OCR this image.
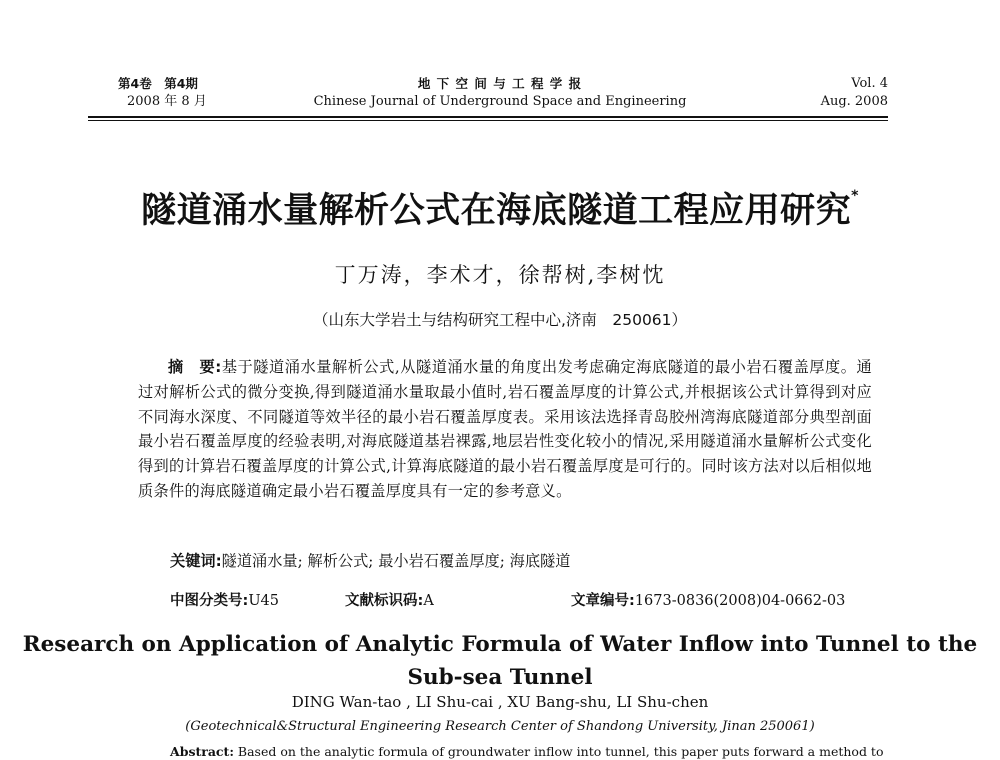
第4卷　第4期
2008 年 8 月
地 下 空 间 与 工 程 学 报
Chinese Journal of Underground Space and Engineering
Vol. 4
Aug. 2008
隧道涌水量解析公式在海底隧道工程应用研究*
丁万涛，李术才，徐帮树,李树忱
（山东大学岩土与结构研究工程中心,济南　250061）
摘　要:基于隧道涌水量解析公式,从隧道涌水量的角度出发考虑确定海底隧道的最小岩石覆盖厚度。通过对解析公式的微分变换,得到隧道涌水量取最小值时,岩石覆盖厚度的计算公式,并根据该公式计算得到对应不同海水深度、不同隧道等效半径的最小岩石覆盖厚度表。采用该法选择青岛胶州湾海底隧道部分典型剖面最小岩石覆盖厚度的经验表明,对海底隧道基岩裸露,地层岩性变化较小的情况,采用隧道涌水量解析公式变化得到的计算岩石覆盖厚度的计算公式,计算海底隧道的最小岩石覆盖厚度是可行的。同时该方法对以后相似地质条件的海底隧道确定最小岩石覆盖厚度具有一定的参考意义。
关键词:隧道涌水量; 解析公式; 最小岩石覆盖厚度; 海底隧道
中图分类号:U45	文献标识码:A	文章编号:1673-0836(2008)04-0662-03
Research on Application of Analytic Formula of Water Inflow into Tunnel to the Sub-sea Tunnel
DING Wan-tao , LI Shu-cai , XU Bang-shu, LI Shu-chen
(Geotechnical&Structural Engineering Research Center of Shandong University, Jinan 250061)
Abstract: Based on the analytic formula of groundwater inflow into tunnel, this paper puts forward a method to
